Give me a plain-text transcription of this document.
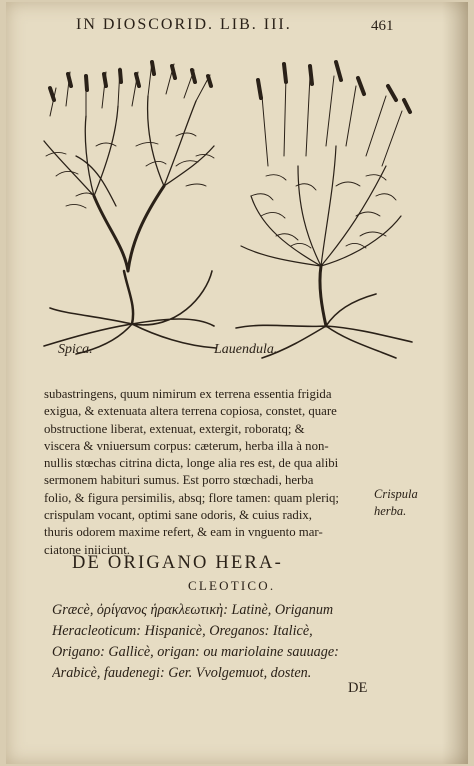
IN DIOSCORID. LIB. III.	461
Spica.	Lauendula.
subastringens, quum nimirum ex terrena essentia frigida
exigua, & extenuata altera terrena copiosa, constet, quare
obstructione liberat, extenuat, extergit, roboratq; &
viscera & vniuersum corpus: cæterum, herba illa à non-
nullis stœchas citrina dicta, longe alia res est, de qua alibi
sermonem habituri sumus. Est porro stœchadi, herba
folio, & figura persimilis, absq; flore tamen: quam pleriq;
crispulam vocant, optimi sane odoris, & cuius radix,
thuris odorem maxime refert, & eam in vnguento mar-
ciatone iniiciunt.
Crispula
herba.
DE ORIGANO HERA-
CLEOTICO.
Græcè, ὀρίγανος ἡρακλεωτικὴ: Latinè, Origanum
Heracleoticum: Hispanicè, Oreganos: Italicè,
Origano: Gallicè, origan: ou mariolaine sauuage:
Arabicè, faudenegi: Ger. Vvolgemuot, dosten.
DE
